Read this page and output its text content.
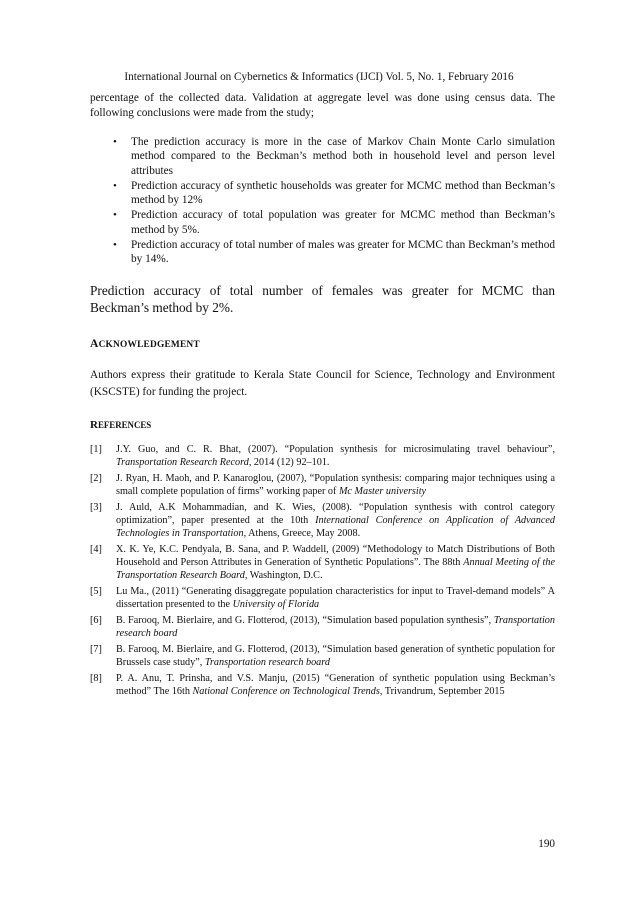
International Journal on Cybernetics & Informatics (IJCI) Vol. 5, No. 1, February 2016

percentage of the collected data. Validation at aggregate level was done using census data. The following conclusions were made from the study;

• The prediction accuracy is more in the case of Markov Chain Monte Carlo simulation method compared to the Beckman’s method both in household level and person level attributes
• Prediction accuracy of synthetic households was greater for MCMC method than Beckman’s method by 12%
• Prediction accuracy of total population was greater for MCMC method than Beckman’s method by 5%.
• Prediction accuracy of total number of males was greater for MCMC than Beckman’s method by 14%.

Prediction accuracy of total number of females was greater for MCMC than Beckman’s method by 2%.

ACKNOWLEDGEMENT

Authors express their gratitude to Kerala State Council for Science, Technology and Environment (KSCSTE) for funding the project.

REFERENCES
[1] J.Y. Guo, and C. R. Bhat, (2007). “Population synthesis for microsimulating travel behaviour”, Transportation Research Record, 2014 (12) 92–101.
[2] J. Ryan, H. Maoh, and P. Kanaroglou, (2007), “Population synthesis: comparing major techniques using a small complete population of firms” working paper of Mc Master university
[3] J. Auld, A.K Mohammadian, and K. Wies, (2008). “Population synthesis with control category optimization”, paper presented at the 10th International Conference on Application of Advanced Technologies in Transportation, Athens, Greece, May 2008.
[4] X. K. Ye, K.C. Pendyala, B. Sana, and P. Waddell, (2009) “Methodology to Match Distributions of Both Household and Person Attributes in Generation of Synthetic Populations”. The 88th Annual Meeting of the Transportation Research Board, Washington, D.C.
[5] Lu Ma., (2011) “Generating disaggregate population characteristics for input to Travel-demand models” A dissertation presented to the University of Florida
[6] B. Farooq, M. Bierlaire, and G. Flotterod, (2013), “Simulation based population synthesis”, Transportation research board
[7] B. Farooq, M. Bierlaire, and G. Flotterod, (2013), “Simulation based generation of synthetic population for Brussels case study”, Transportation research board
[8] P. A. Anu, T. Prinsha, and V.S. Manju, (2015) “Generation of synthetic population using Beckman’s method” The 16th National Conference on Technological Trends, Trivandrum, September 2015
190
